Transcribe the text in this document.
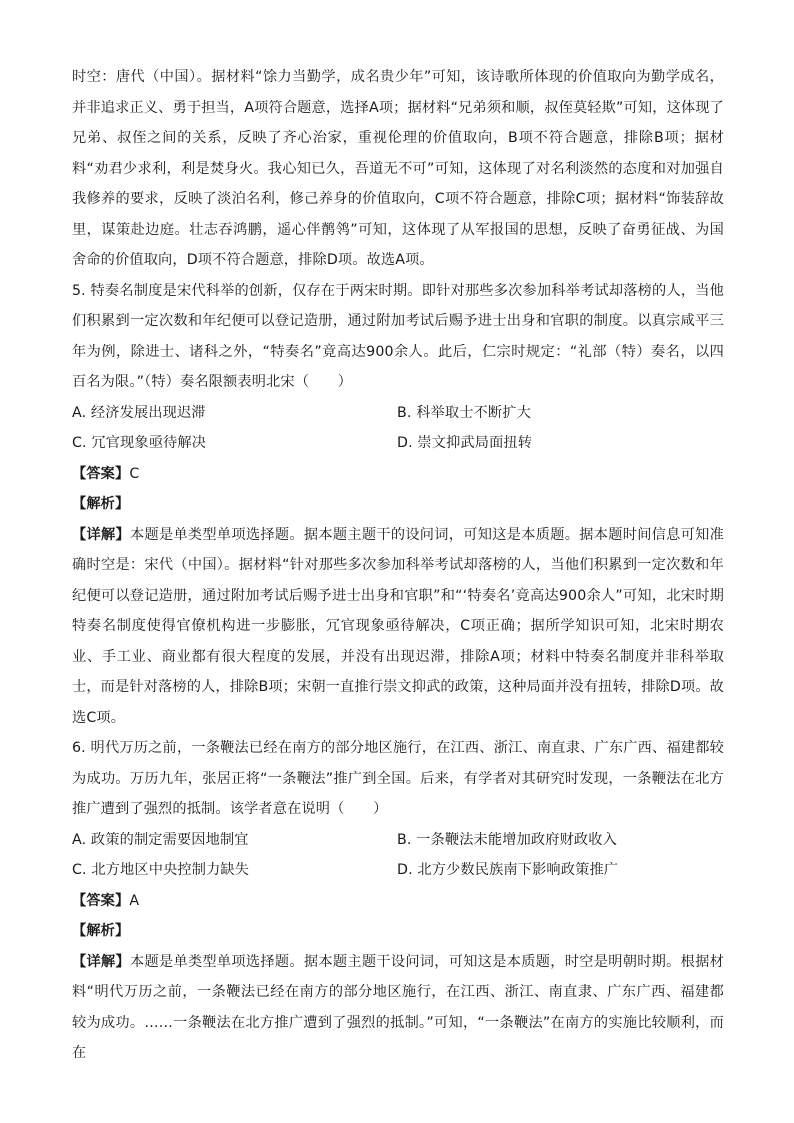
时空：唐代（中国）。据材料“馀力当勤学，成名贵少年”可知，该诗歌所体现的价值取向为勤学成名，并非追求正义、勇于担当，A项符合题意，选择A项；据材料“兄弟须和顺，叔侄莫轻欺”可知，这体现了兄弟、叔侄之间的关系，反映了齐心治家，重视伦理的价值取向，B项不符合题意，排除B项；据材料“劝君少求利，利是焚身火。我心知已久，吾道无不可”可知，这体现了对名利淡然的态度和对加强自我修养的要求，反映了淡泊名利，修己养身的价值取向，C项不符合题意，排除C项；据材料“饰装辞故里，谋策赴边庭。壮志吞鸿鹏，遥心伴鹡鸰”可知，这体现了从军报国的思想，反映了奋勇征战、为国舍命的价值取向，D项不符合题意，排除D项。故选A项。

5. 特奏名制度是宋代科举的创新，仅存在于两宋时期。即针对那些多次参加科举考试却落榜的人，当他们积累到一定次数和年纪便可以登记造册，通过附加考试后赐予进士出身和官职的制度。以真宗咸平三年为例，除进士、诸科之外，“特奏名”竟高达900余人。此后，仁宗时规定：“礼部（特）奏名，以四百名为限。”（特）奏名限额表明北宋（　　）

A. 经济发展出现迟滞	B. 科举取士不断扩大
C. 冗官现象亟待解决	D. 崇文抑武局面扭转

【答案】C

【解析】

【详解】本题是单类型单项选择题。据本题主题干的设问词，可知这是本质题。据本题时间信息可知准确时空是：宋代（中国）。据材料“针对那些多次参加科举考试却落榜的人，当他们积累到一定次数和年纪便可以登记造册，通过附加考试后赐予进士出身和官职”和“‘特奏名’竟高达900余人”可知，北宋时期特奏名制度使得官僚机构进一步膨胀，冗官现象亟待解决，C项正确；据所学知识可知，北宋时期农业、手工业、商业都有很大程度的发展，并没有出现迟滞，排除A项；材料中特奏名制度并非科举取士，而是针对落榜的人，排除B项；宋朝一直推行崇文抑武的政策，这种局面并没有扭转，排除D项。故选C项。

6. 明代万历之前，一条鞭法已经在南方的部分地区施行，在江西、浙江、南直隶、广东广西、福建都较为成功。万历九年，张居正将“一条鞭法”推广到全国。后来，有学者对其研究时发现，一条鞭法在北方推广遭到了强烈的抵制。该学者意在说明（　　）

A. 政策的制定需要因地制宜	B. 一条鞭法未能增加政府财政收入
C. 北方地区中央控制力缺失	D. 北方少数民族南下影响政策推广

【答案】A

【解析】

【详解】本题是单类型单项选择题。据本题主题干设问词，可知这是本质题，时空是明朝时期。根据材料“明代万历之前，一条鞭法已经在南方的部分地区施行，在江西、浙江、南直隶、广东广西、福建都较为成功。……一条鞭法在北方推广遭到了强烈的抵制。”可知，“一条鞭法”在南方的实施比较顺利，而在
